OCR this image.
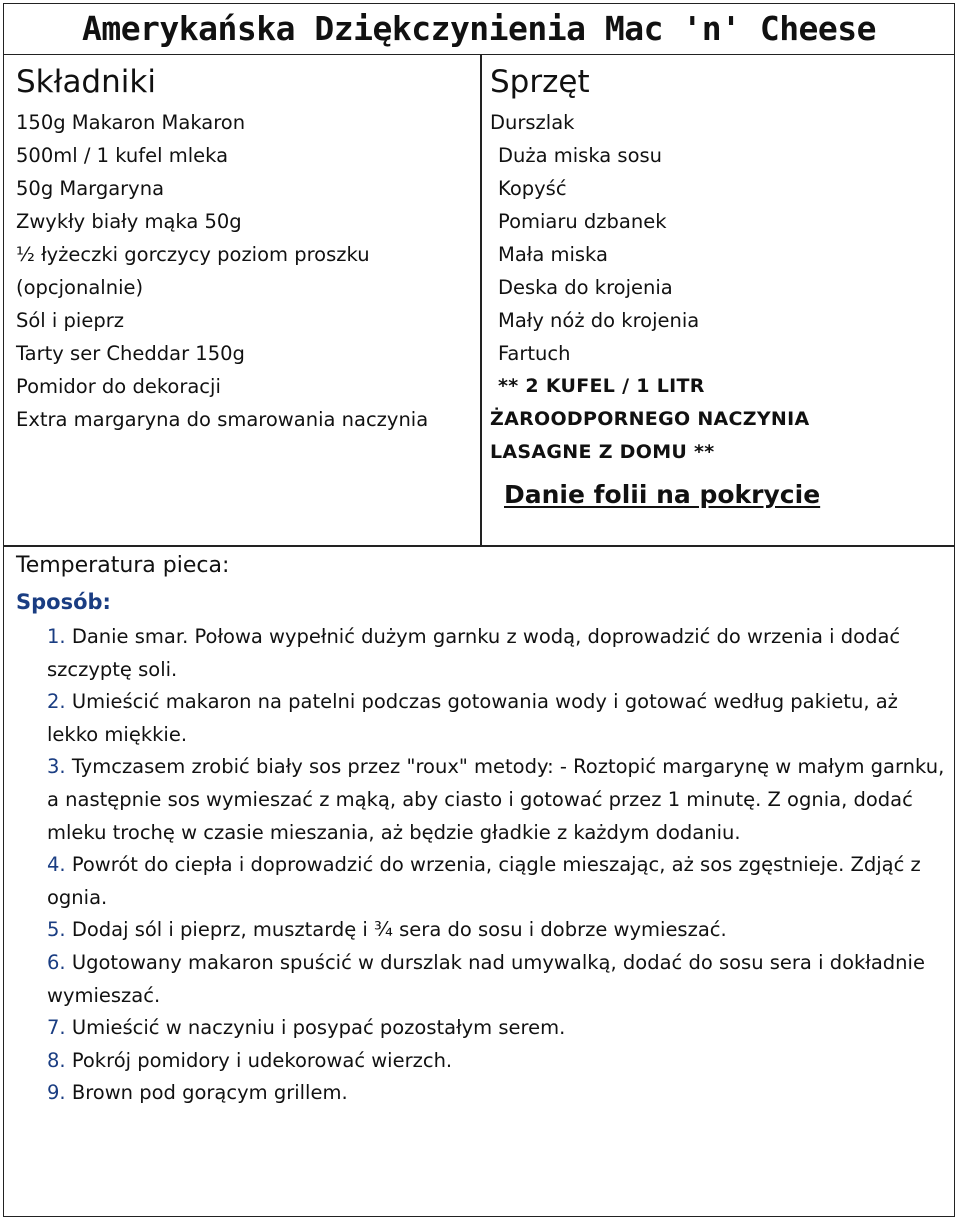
Amerykańska Dziękczynienia Mac 'n' Cheese
Składniki
150g Makaron Makaron
500ml / 1 kufel mleka
50g Margaryna
Zwykły biały mąka 50g
½ łyżeczki gorczycy poziom proszku
(opcjonalnie)
Sól i pieprz
Tarty ser Cheddar 150g
Pomidor do dekoracji
Extra margaryna do smarowania naczynia
Sprzęt
Durszlak
Duża miska sosu
Kopyść
Pomiaru dzbanek
Mała miska
Deska do krojenia
Mały nóż do krojenia
Fartuch
** 2 KUFEL / 1 LITR
ŻAROODPORNEGO NACZYNIA
LASAGNE Z DOMU **
Danie folii na pokrycie

Temperatura pieca:

Sposób:
1. Danie smar. Połowa wypełnić dużym garnku z wodą, doprowadzić do wrzenia i dodać szczyptę soli.
2. Umieścić makaron na patelni podczas gotowania wody i gotować według pakietu, aż lekko miękkie.
3. Tymczasem zrobić biały sos przez "roux" metody: - Roztopić margarynę w małym garnku, a następnie sos wymieszać z mąką, aby ciasto i gotować przez 1 minutę. Z ognia, dodać mleku trochę w czasie mieszania, aż będzie gładkie z każdym dodaniu.
4. Powrót do ciepła i doprowadzić do wrzenia, ciągle mieszając, aż sos zgęstnieje. Zdjąć z ognia.
5. Dodaj sól i pieprz, musztardę i ¾ sera do sosu i dobrze wymieszać.
6. Ugotowany makaron spuścić w durszlak nad umywalką, dodać do sosu sera i dokładnie wymieszać.
7. Umieścić w naczyniu i posypać pozostałym serem.
8. Pokrój pomidory i udekorować wierzch.
9. Brown pod gorącym grillem.
